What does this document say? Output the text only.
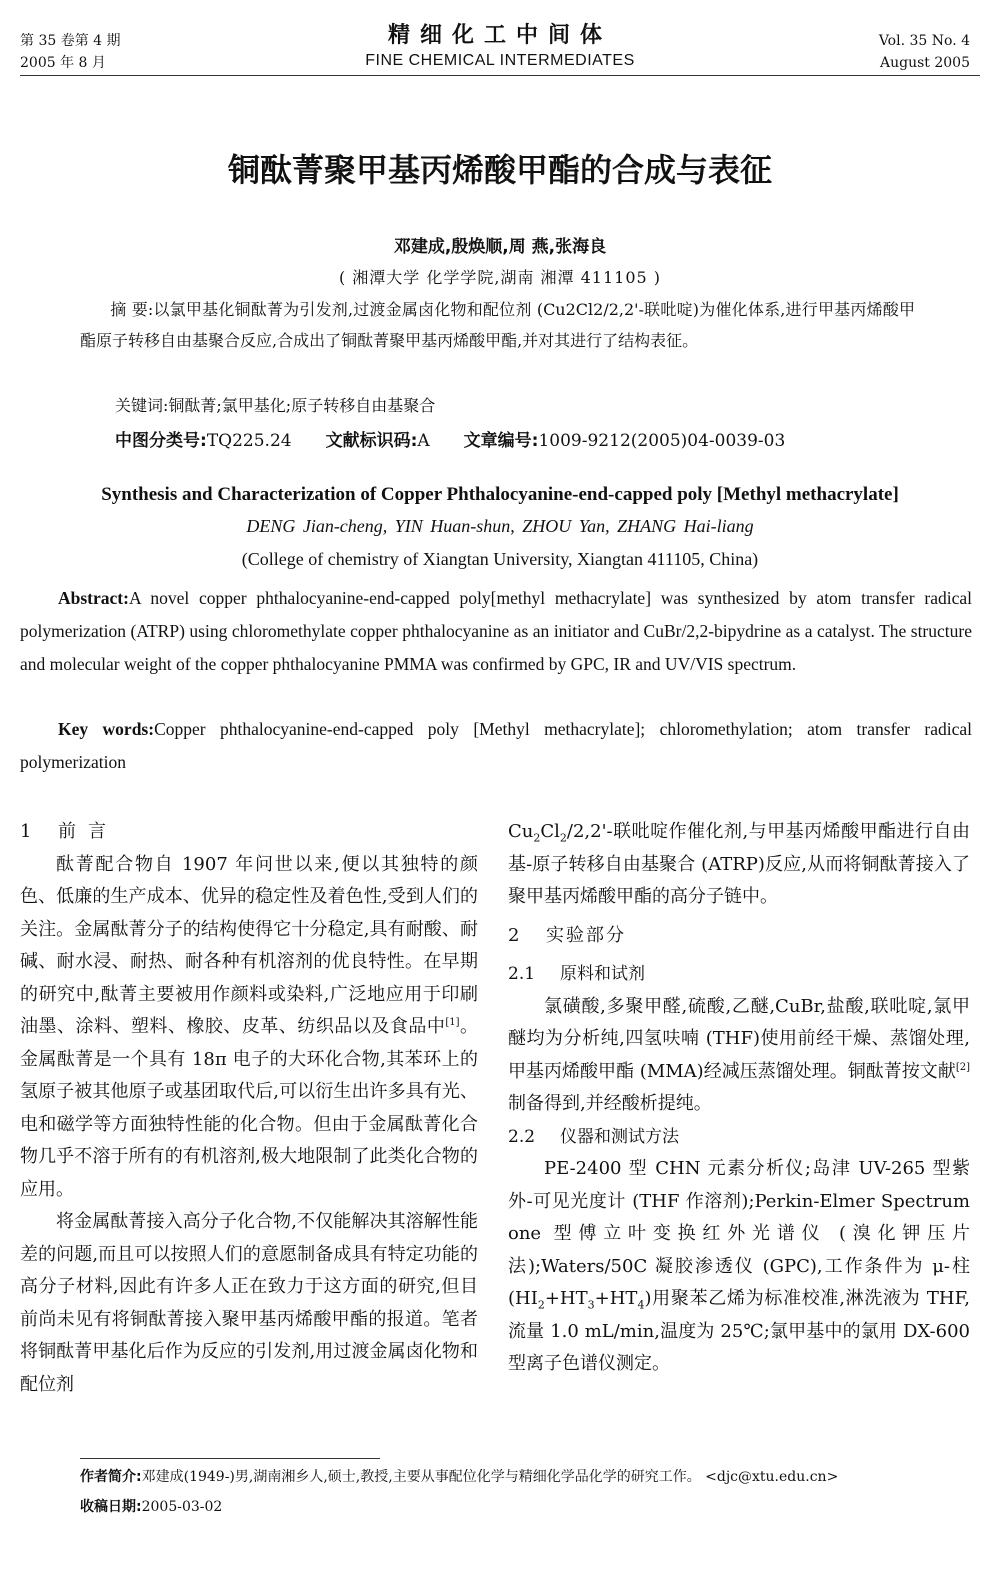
第 35 卷第 4 期
2005 年 8 月
精细化工中间体
FINE CHEMICAL INTERMEDIATES
Vol. 35 No. 4
August 2005
铜酞菁聚甲基丙烯酸甲酯的合成与表征
邓建成,殷焕顺,周 燕,张海良
( 湘潭大学 化学学院,湖南 湘潭 411105 )
摘 要:以氯甲基化铜酞菁为引发剂,过渡金属卤化物和配位剂 (Cu2Cl2/2,2'-联吡啶)为催化体系,进行甲基丙烯酸甲酯原子转移自由基聚合反应,合成出了铜酞菁聚甲基丙烯酸甲酯,并对其进行了结构表征。
关键词:铜酞菁;氯甲基化;原子转移自由基聚合
中图分类号:TQ225.24 文献标识码:A 文章编号:1009-9212(2005)04-0039-03
Synthesis and Characterization of Copper Phthalocyanine-end-capped poly [Methyl methacrylate]
DENG Jian-cheng, YIN Huan-shun, ZHOU Yan, ZHANG Hai-liang
(College of chemistry of Xiangtan University, Xiangtan 411105, China)
Abstract:A novel copper phthalocyanine-end-capped poly[methyl methacrylate] was synthesized by atom transfer radical polymerization (ATRP) using chloromethylate copper phthalocyanine as an initiator and CuBr/2,2-bipydrine as a catalyst. The structure and molecular weight of the copper phthalocyanine PMMA was confirmed by GPC, IR and UV/VIS spectrum.
Key words:Copper phthalocyanine-end-capped poly [Methyl methacrylate]; chloromethylation; atom transfer radical polymerization

1 前言

酞菁配合物自 1907 年问世以来,便以其独特的颜色、低廉的生产成本、优异的稳定性及着色性,受到人们的关注。金属酞菁分子的结构使得它十分稳定,具有耐酸、耐碱、耐水浸、耐热、耐各种有机溶剂的优良特性。在早期的研究中,酞菁主要被用作颜料或染料,广泛地应用于印刷油墨、涂料、塑料、橡胶、皮革、纺织品以及食品中[1]。金属酞菁是一个具有 18π 电子的大环化合物,其苯环上的氢原子被其他原子或基团取代后,可以衍生出许多具有光、电和磁学等方面独特性能的化合物。但由于金属酞菁化合物几乎不溶于所有的有机溶剂,极大地限制了此类化合物的应用。

将金属酞菁接入高分子化合物,不仅能解决其溶解性能差的问题,而且可以按照人们的意愿制备成具有特定功能的高分子材料,因此有许多人正在致力于这方面的研究,但目前尚未见有将铜酞菁接入聚甲基丙烯酸甲酯的报道。笔者将铜酞菁甲基化后作为反应的引发剂,用过渡金属卤化物和配位剂

$Cu_2Cl_2/2,2'-$联吡啶作催化剂,与甲基丙烯酸甲酯进行自由基-原子转移自由基聚合 (ATRP)反应,从而将铜酞菁接入了聚甲基丙烯酸甲酯的高分子链中。

2 实验部分

2.1 原料和试剂

氯磺酸,多聚甲醛,硫酸,乙醚,CuBr,盐酸,联吡啶,氯甲醚均为分析纯,四氢呋喃 (THF)使用前经干燥、蒸馏处理,甲基丙烯酸甲酯 (MMA)经减压蒸馏处理。铜酞菁按文献[2]制备得到,并经酸析提纯。

2.2 仪器和测试方法

PE-2400 型 CHN 元素分析仪;岛津 UV-265 型紫外-可见光度计 (THF 作溶剂);Perkin-Elmer Spectrum one 型傅立叶变换红外光谱仪 (溴化钾压片法);Waters/50C 凝胶渗透仪 (GPC),工作条件为 μ-柱 $(HI_2+HT_3+HT_4)$用聚苯乙烯为标准校准,淋洗液为 THF,流量 1.0 mL/min,温度为 25℃;氯甲基中的氯用 DX-600 型离子色谱仪测定。

作者简介:邓建成(1949-)男,湖南湘乡人,硕士,教授,主要从事配位化学与精细化学品化学的研究工作。 <djc@xtu.edu.cn>
收稿日期:2005-03-02
